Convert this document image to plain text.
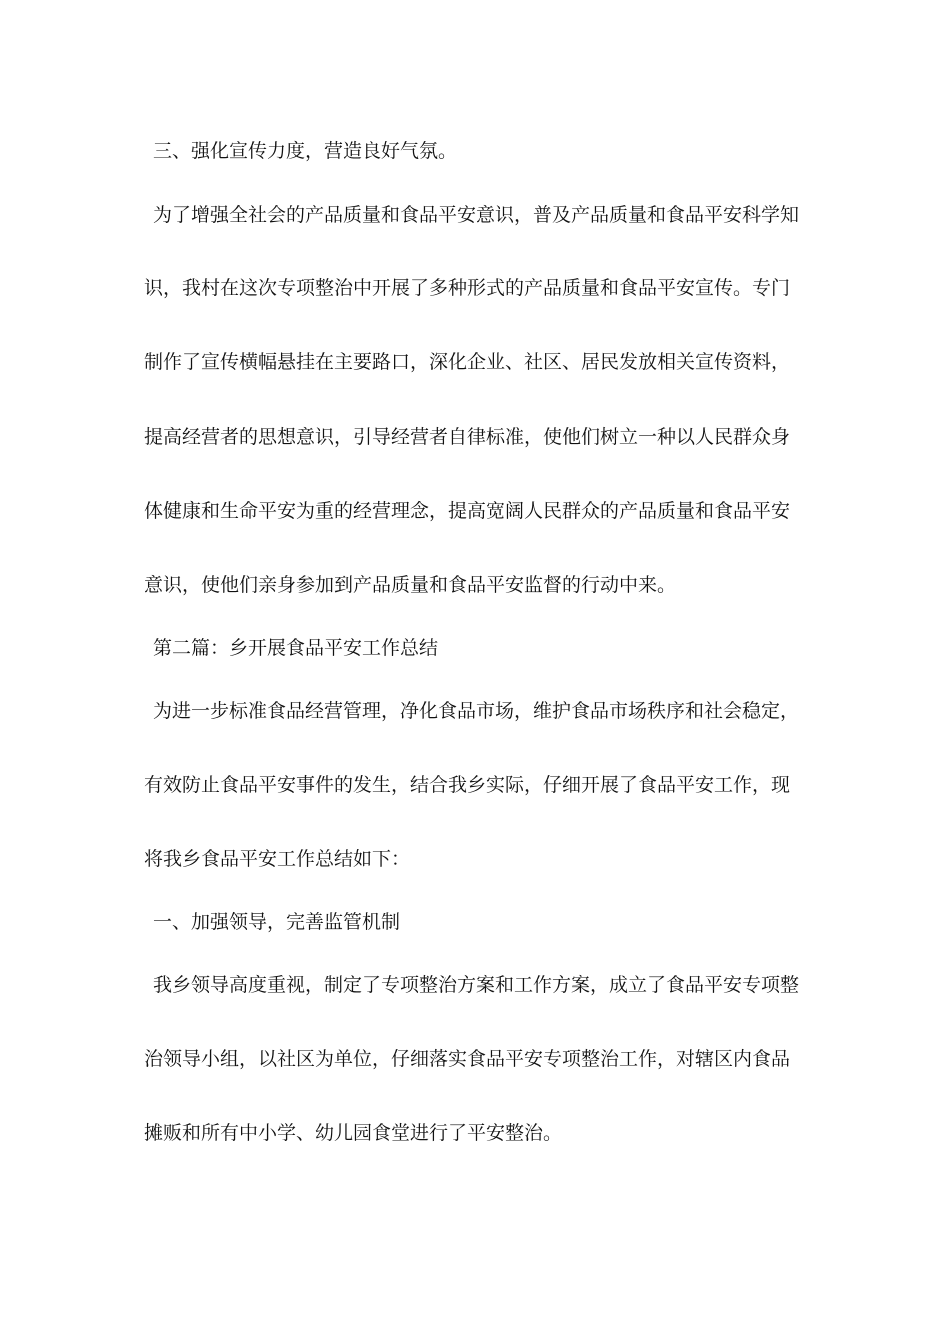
三、强化宣传力度，营造良好气氛。
为了增强全社会的产品质量和食品平安意识，普及产品质量和食品平安科学知
识，我村在这次专项整治中开展了多种形式的产品质量和食品平安宣传。专门
制作了宣传横幅悬挂在主要路口，深化企业、社区、居民发放相关宣传资料，
提高经营者的思想意识，引导经营者自律标准，使他们树立一种以人民群众身
体健康和生命平安为重的经营理念，提高宽阔人民群众的产品质量和食品平安
意识，使他们亲身参加到产品质量和食品平安监督的行动中来。
第二篇：乡开展食品平安工作总结
为进一步标准食品经营管理，净化食品市场，维护食品市场秩序和社会稳定，
有效防止食品平安事件的发生，结合我乡实际，仔细开展了食品平安工作，现
将我乡食品平安工作总结如下：
一、加强领导，完善监管机制
我乡领导高度重视，制定了专项整治方案和工作方案，成立了食品平安专项整
治领导小组，以社区为单位，仔细落实食品平安专项整治工作，对辖区内食品
摊贩和所有中小学、幼儿园食堂进行了平安整治。
